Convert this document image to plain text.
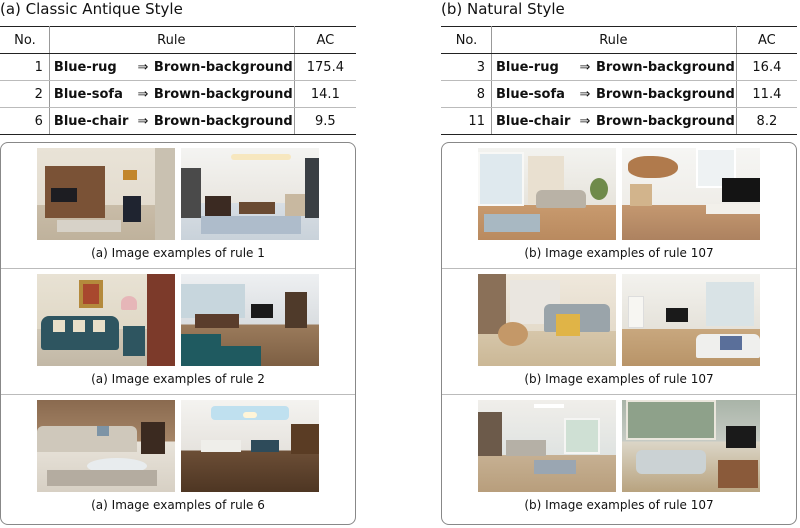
(a) Classic Antique Style
No.	Rule	AC
1	Blue-rug ⇒ Brown-background	175.4
2	Blue-sofa ⇒ Brown-background	14.1
6	Blue-chair ⇒ Brown-background	9.5
(a) Image examples of rule 1
(a) Image examples of rule 2
(a) Image examples of rule 6
(b) Natural Style
No.	Rule	AC
3	Blue-rug ⇒ Brown-background	16.4
8	Blue-sofa ⇒ Brown-background	11.4
11	Blue-chair ⇒ Brown-background	8.2
(b) Image examples of rule 107
(b) Image examples of rule 107
(b) Image examples of rule 107
